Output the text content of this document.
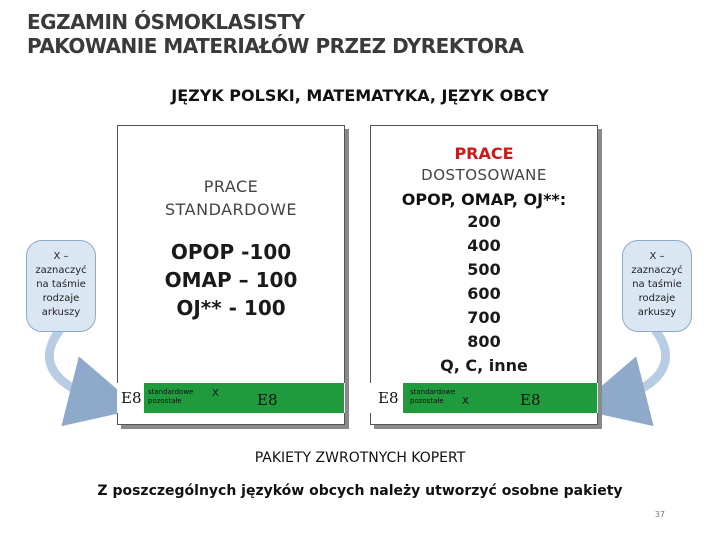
EGZAMIN ÓSMOKLASISTY
PAKOWANIE MATERIAŁÓW PRZEZ DYREKTORA
JĘZYK POLSKI, MATEMATYKA, JĘZYK OBCY
X –
zaznaczyć
na taśmie
rodzaje
arkuszy
X –
zaznaczyć
na taśmie
rodzaje
arkuszy
PRACE
STANDARDOWE
OPOP -100
OMAP – 100
OJ** - 100
E8 standardowe
pozostałe
X	E8
PRACE
DOSTOSOWANE
OPOP, OMAP, OJ**:
200
400
500
600
700
800
Q, C, inne
E8 standardowe
pozostałe X	E8
PAKIETY ZWROTNYCH KOPERT
Z poszczególnych języków obcych należy utworzyć osobne pakiety
37
